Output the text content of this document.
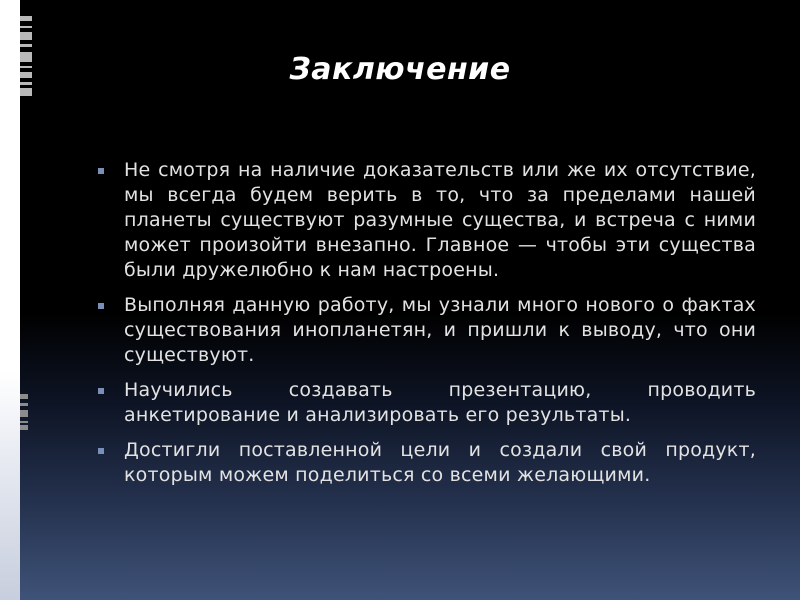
Заключение
Не смотря на наличие доказательств или же их отсутствие, мы всегда будем верить в то, что за пределами нашей планеты существуют разумные существа, и встреча с ними может произойти внезапно. Главное — чтобы эти существа были дружелюбно к нам настроены.
Выполняя данную работу, мы узнали много нового о фактах существования инопланетян, и пришли к выводу, что они существуют.
Научились создавать презентацию, проводить анкетирование и анализировать его результаты.
Достигли поставленной цели и создали свой продукт, которым можем поделиться со всеми желающими.
